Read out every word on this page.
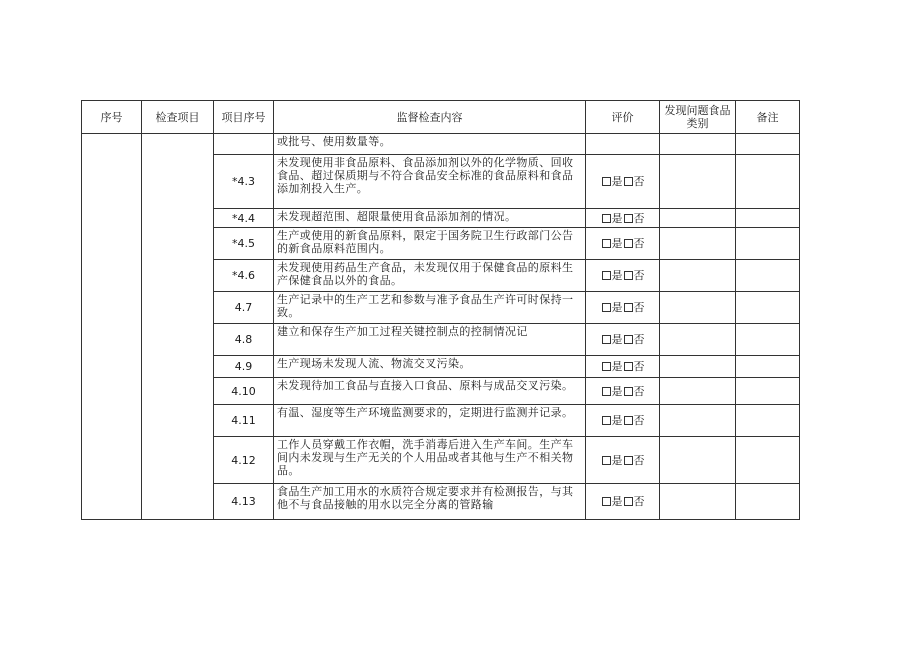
序号	检查项目	项目序号	监督检查内容	评价	发现问题食品类别	备注
			或批号、使用数量等。			
		*4.3	未发现使用非食品原料、食品添加剂以外的化学物质、回收食品、超过保质期与不符合食品安全标准的食品原料和食品添加剂投入生产。	是 否		
		*4.4	未发现超范围、超限量使用食品添加剂的情况。	是 否		
		*4.5	生产或使用的新食品原料，限定于国务院卫生行政部门公告的新食品原料范围内。	是 否		
		*4.6	未发现使用药品生产食品，未发现仅用于保健食品的原料生产保健食品以外的食品。	是 否		
		4.7	生产记录中的生产工艺和参数与准予食品生产许可时保持一致。	是 否		
		4.8	建立和保存生产加工过程关键控制点的控制情况记	是 否		
		4.9	生产现场未发现人流、物流交叉污染。	是 否		
		4.10	未发现待加工食品与直接入口食品、原料与成品交叉污染。	是 否		
		4.11	有温、湿度等生产环境监测要求的，定期进行监测并记录。	是 否		
		4.12	工作人员穿戴工作衣帽，洗手消毒后进入生产车间。生产车间内未发现与生产无关的个人用品或者其他与生产不相关物品。	是 否		
		4.13	食品生产加工用水的水质符合规定要求并有检测报告，与其他不与食品接触的用水以完全分离的管路输	是 否		
